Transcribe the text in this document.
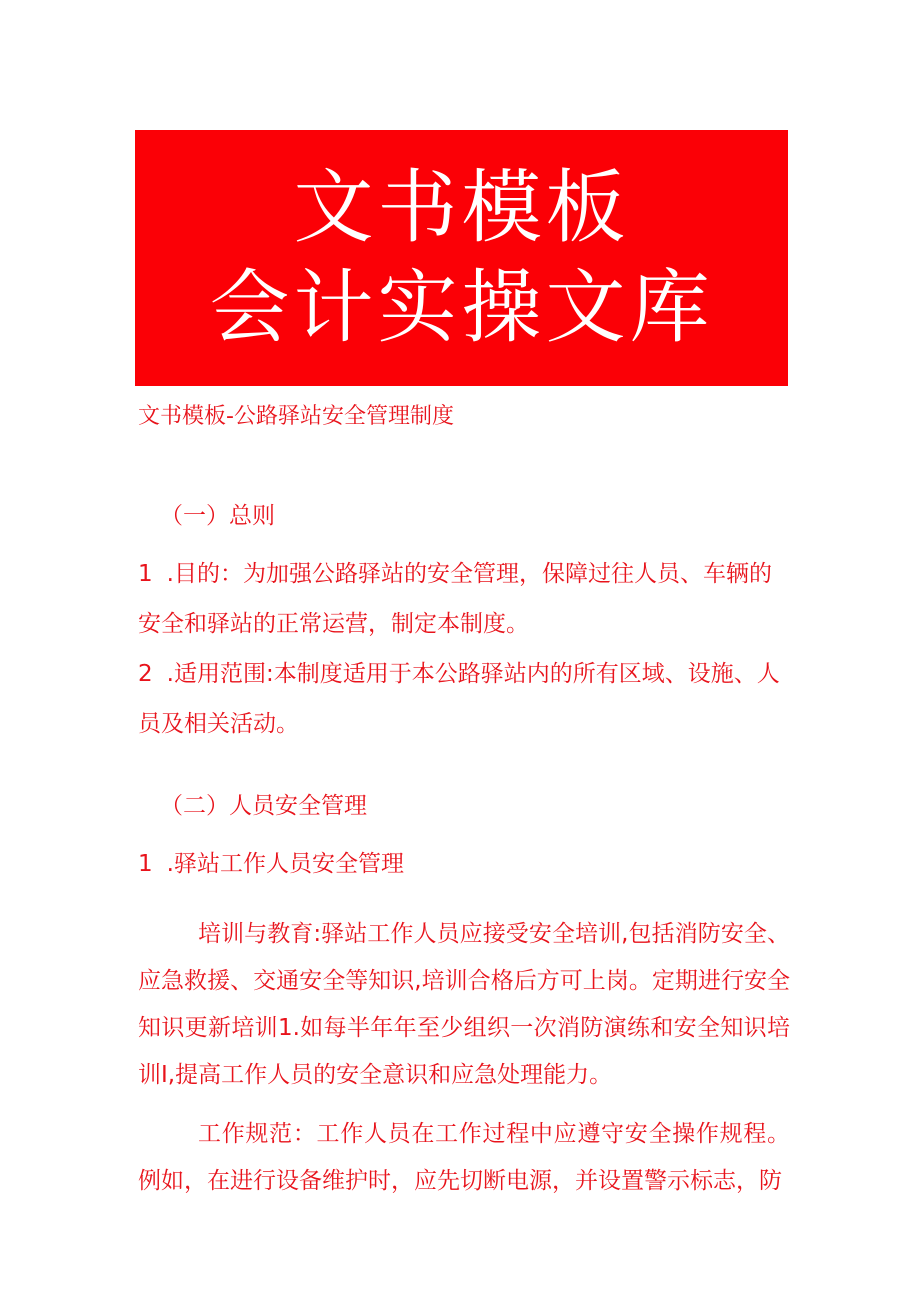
文书模板
会计实操文库
文书模板-公路驿站安全管理制度
（一）总则

1 .目的：为加强公路驿站的安全管理，保障过往人员、车辆的安全和驿站的正常运营，制定本制度。

2 .适用范围:本制度适用于本公路驿站内的所有区域、设施、人员及相关活动。

（二）人员安全管理

1 .驿站工作人员安全管理

培训与教育:驿站工作人员应接受安全培训,包括消防安全、应急救援、交通安全等知识,培训合格后方可上岗。定期进行安全知识更新培训1.如每半年年至少组织一次消防演练和安全知识培训I,提高工作人员的安全意识和应急处理能力。

工作规范：工作人员在工作过程中应遵守安全操作规程。例如，在进行设备维护时，应先切断电源，并设置警示标志，防
